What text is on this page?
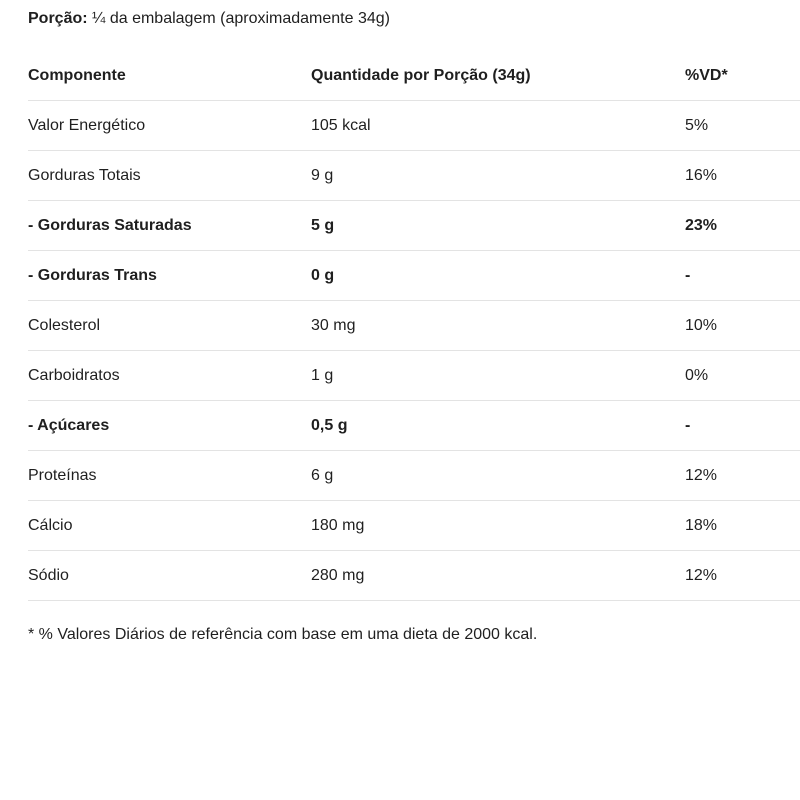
Porção: ¼ da embalagem (aproximadamente 34g)
Componente	Quantidade por Porção (34g)	%VD*
Valor Energético	105 kcal	5%
Gorduras Totais	9 g	16%
- Gorduras Saturadas	5 g	23%
- Gorduras Trans	0 g	-
Colesterol	30 mg	10%
Carboidratos	1 g	0%
- Açúcares	0,5 g	-
Proteínas	6 g	12%
Cálcio	180 mg	18%
Sódio	280 mg	12%
* % Valores Diários de referência com base em uma dieta de 2000 kcal.
